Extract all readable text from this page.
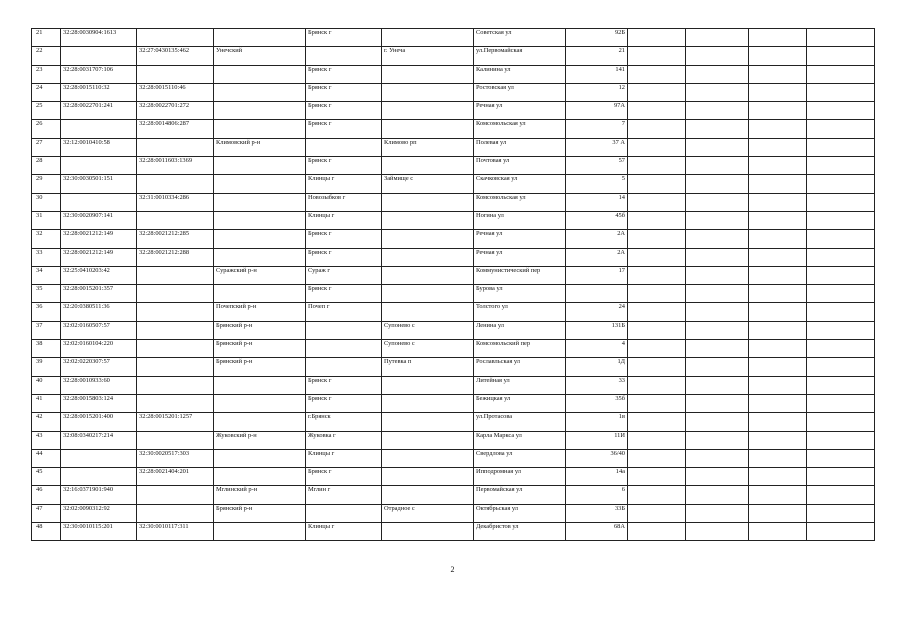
21	32:28:0030904:1613			Брянск г		Советская ул	92Б				
22		32:27:0430135:462	Унечский		г. Унеча	ул.Первомайская	21				
23	32:28:0031707:106			Брянск г		Калинина ул	141				
24	32:28:0015110:32	32:28:0015110:46		Брянск г		Ростовская ул	12				
25	32:28:0022701:241	32:28:0022701:272		Брянск г		Речная ул	97А				
26		32:28:0014806:287		Брянск г		Комсомольская ул	7				
27	32:12:0010410:58		Климовский р-н		Климово рп	Полевая ул	37 А				
28		32:28:0011603:1369		Брянск г		Почтовая ул	57				
29	32:30:0030501:151			Клинцы г	Займище с	Скачковская ул	5				
30		32:31:0010334:286		Новозыбков г		Комсомольская ул	14				
31	32:30:0020907:141			Клинцы г		Ногина ул	45б				
32	32:28:0021212:149	32:28:0021212:285		Брянск г		Речная ул	2А				
33	32:28:0021212:149	32:28:0021212:288		Брянск г		Речная ул	2А				
34	32:25:0410203:42		Суражский р-н	Сураж г		Коммунистический пер	17				
35	32:28:0015201:357			Брянск г		Бурова ул					
36	32:20:0380511:36		Почепский р-н	Почеп г		Толстого ул	24				
37	32:02:0160507:57		Брянский р-н		Супонево с	Ленина ул	131Б				
38	32:02:0160104:220		Брянский р-н		Супонево с	Комсомольский пер	4				
39	32:02:0220307:57		Брянский р-н		Путевка п	Рославльская ул	1Д				
40	32:28:0010933:60			Брянск г		Литейная ул	33				
41	32:28:0015803:124			Брянск г		Бежицкая ул	35б				
42	32:28:0015201:400	32:28:0015201:1257		г.Брянск		ул.Протасова	1в				
43	32:08:0340217:214		Жуковский р-н	Жуковка г		Карла Маркса ул	11И				
44		32:30:0020517:303		Клинцы г		Свердлова ул	36/40				
45		32:28:0021404:201		Брянск г		Ипподромная ул	14а				
46	32:16:0371901:940		Мглинский р-н	Мглин г		Первомайская ул	6				
47	32:02:0090312:92		Брянский р-н		Отрадное с	Октябрьская ул	33Б				
48	32:30:0010115:201	32:30:0010117:311		Клинцы г		Декабристов ул	68А				
2
